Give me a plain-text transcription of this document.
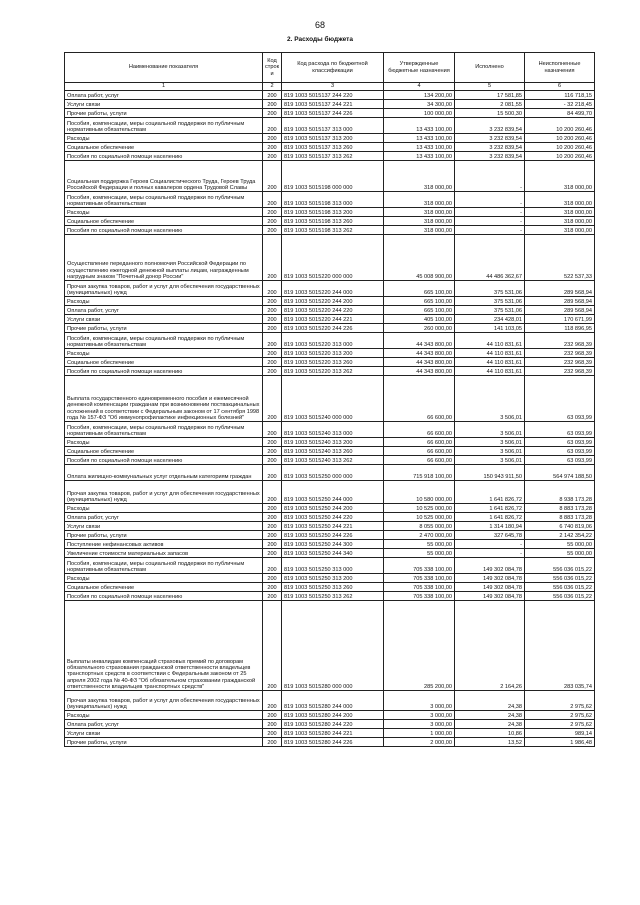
68
2. Расходы бюджета
Наименование показателя	Код строк и	Код расхода по бюджетной классификации	Утвержденные бюджетные назначения	Исполнено	Неисполненные назначения
1	2	3	4	5	6
Оплата работ, услуг	200	819 1003 5015137 244 220	134 200,00	17 581,85	116 718,15
Услуги связи	200	819 1003 5015137 244 221	34 300,00	2 081,55	- 32 218,45
Прочие работы, услуги	200	819 1003 5015137 244 226	100 000,00	15 500,30	84 499,70
Пособия, компенсации, меры социальной поддержки по публичным нормативным обязательствам	200	819 1003 5015137 313 000	13 433 100,00	3 232 839,54	10 200 260,46
Расходы	200	819 1003 5015137 313 200	13 433 100,00	3 232 839,54	10 200 260,46
Социальное обеспечение	200	819 1003 5015137 313 260	13 433 100,00	3 232 839,54	10 200 260,46
Пособия по социальной помощи населению	200	819 1003 5015137 313 262	13 433 100,00	3 232 839,54	10 200 260,46
Социальная поддержка Героев Социалистического Труда, Героев Труда Российской Федерации и полных кавалеров ордена Трудовой Славы	200	819 1003 5015198 000 000	318 000,00	-	318 000,00
Пособия, компенсации, меры социальной поддержки по публичным нормативным обязательствам	200	819 1003 5015198 313 000	318 000,00	-	318 000,00
Расходы	200	819 1003 5015198 313 200	318 000,00	-	318 000,00
Социальное обеспечение	200	819 1003 5015198 313 260	318 000,00	-	318 000,00
Пособия по социальной помощи населению	200	819 1003 5015198 313 262	318 000,00	-	318 000,00
Осуществление переданного полномочия Российской Федерации по осуществлению ежегодной денежной выплаты лицам, награжденным нагрудным знаком "Почетный донор России"	200	819 1003 5015220 000 000	45 008 900,00	44 486 362,67	522 537,33
Прочая закупка товаров, работ и услуг для обеспечения государственных (муниципальных) нужд	200	819 1003 5015220 244 000	665 100,00	375 531,06	289 568,94
Расходы	200	819 1003 5015220 244 200	665 100,00	375 531,06	289 568,94
Оплата работ, услуг	200	819 1003 5015220 244 220	665 100,00	375 531,06	289 568,94
Услуги связи	200	819 1003 5015220 244 221	405 100,00	234 428,01	170 671,99
Прочие работы, услуги	200	819 1003 5015220 244 226	260 000,00	141 103,05	118 896,95
Пособия, компенсации, меры социальной поддержки по публичным нормативным обязательствам	200	819 1003 5015220 313 000	44 343 800,00	44 110 831,61	232 968,39
Расходы	200	819 1003 5015220 313 200	44 343 800,00	44 110 831,61	232 968,39
Социальное обеспечение	200	819 1003 5015220 313 260	44 343 800,00	44 110 831,61	232 968,39
Пособия по социальной помощи населению	200	819 1003 5015220 313 262	44 343 800,00	44 110 831,61	232 968,39
Выплата государственного единовременного пособия и ежемесячной денежной компенсации гражданам при возникновении поствакцинальных осложнений в соответствии с Федеральным законом от 17 сентября 1998 года № 157-ФЗ "Об иммунопрофилактике инфекционных болезней"	200	819 1003 5015240 000 000	66 600,00	3 506,01	63 093,99
Пособия, компенсации, меры социальной поддержки по публичным нормативным обязательствам	200	819 1003 5015240 313 000	66 600,00	3 506,01	63 093,99
Расходы	200	819 1003 5015240 313 200	66 600,00	3 506,01	63 093,99
Социальное обеспечение	200	819 1003 5015240 313 260	66 600,00	3 506,01	63 093,99
Пособия по социальной помощи населению	200	819 1003 5015240 313 262	66 600,00	3 506,01	63 093,99
Оплата жилищно-коммунальных услуг отдельным категориям граждан	200	819 1003 5015250 000 000	715 918 100,00	150 943 911,50	564 974 188,50
Прочая закупка товаров, работ и услуг для обеспечения государственных (муниципальных) нужд	200	819 1003 5015250 244 000	10 580 000,00	1 641 826,72	8 938 173,28
Расходы	200	819 1003 5015250 244 200	10 525 000,00	1 641 826,72	8 883 173,28
Оплата работ, услуг	200	819 1003 5015250 244 220	10 525 000,00	1 641 826,72	8 883 173,28
Услуги связи	200	819 1003 5015250 244 221	8 055 000,00	1 314 180,94	6 740 819,06
Прочие работы, услуги	200	819 1003 5015250 244 226	2 470 000,00	327 645,78	2 142 354,22
Поступление нефинансовых активов	200	819 1003 5015250 244 300	55 000,00	-	55 000,00
Увеличение стоимости материальных запасов	200	819 1003 5015250 244 340	55 000,00	-	55 000,00
Пособия, компенсации, меры социальной поддержки по публичным нормативным обязательствам	200	819 1003 5015250 313 000	705 338 100,00	149 302 084,78	556 036 015,22
Расходы	200	819 1003 5015250 313 200	705 338 100,00	149 302 084,78	556 036 015,22
Социальное обеспечение	200	819 1003 5015250 313 260	705 338 100,00	149 302 084,78	556 036 015,22
Пособия по социальной помощи населению	200	819 1003 5015250 313 262	705 338 100,00	149 302 084,78	556 036 015,22
Выплаты инвалидам компенсаций страховых премий по договорам обязательного страхования гражданской ответственности владельцев транспортных средств в соответствии с Федеральным законом от 25 апреля 2002 года № 40-ФЗ "Об обязательном страховании гражданской ответственности владельцев транспортных средств"	200	819 1003 5015280 000 000	285 200,00	2 164,26	283 035,74
Прочая закупка товаров, работ и услуг для обеспечения государственных (муниципальных) нужд	200	819 1003 5015280 244 000	3 000,00	24,38	2 975,62
Расходы	200	819 1003 5015280 244 200	3 000,00	24,38	2 975,62
Оплата работ, услуг	200	819 1003 5015280 244 220	3 000,00	24,38	2 975,62
Услуги связи	200	819 1003 5015280 244 221	1 000,00	10,86	989,14
Прочие работы, услуги	200	819 1003 5015280 244 226	2 000,00	13,52	1 986,48
